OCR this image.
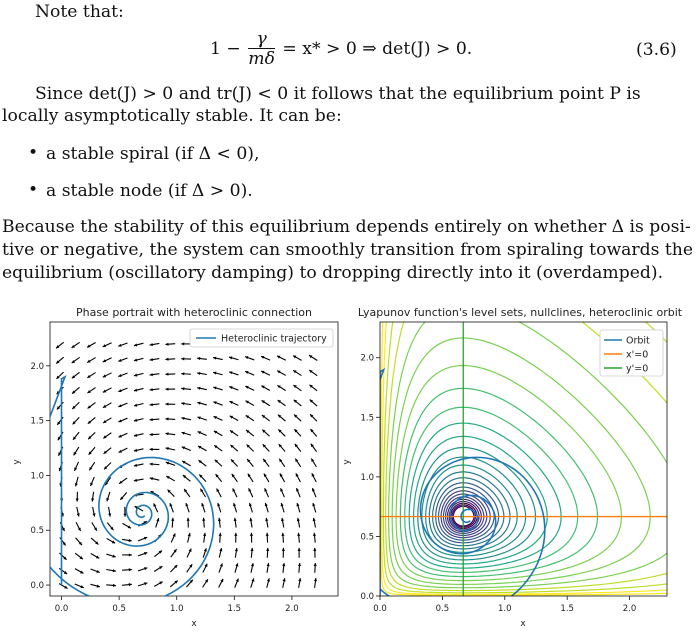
Note that:
$1 - \frac{\gamma}{m\delta} = x* > 0$ ⇒ det(J) > 0.	(3.6)
Since det(J) > 0 and tr(J) < 0 it follows that the equilibrium point P is
locally asymptotically stable. It can be:
• a stable spiral (if Δ < 0),
• a stable node (if Δ > 0).
Because the stability of this equilibrium depends entirely on whether Δ is posi-
tive or negative, the system can smoothly transition from spiraling towards the
equilibrium (oscillatory damping) to dropping directly into it (overdamped).
Phase portrait with heteroclinic connection
0.0	0.5	1.0	1.5	2.0
0.0
0.5
1.0
1.5
2.0
x
y
Heteroclinic trajectory
Lyapunov function's level sets, nullclines, heteroclinic orbit
0.0	0.5	1.0	1.5	2.0
0.0
0.5
1.0
1.5
2.0
x
y
Orbit
x'=0
y'=0
